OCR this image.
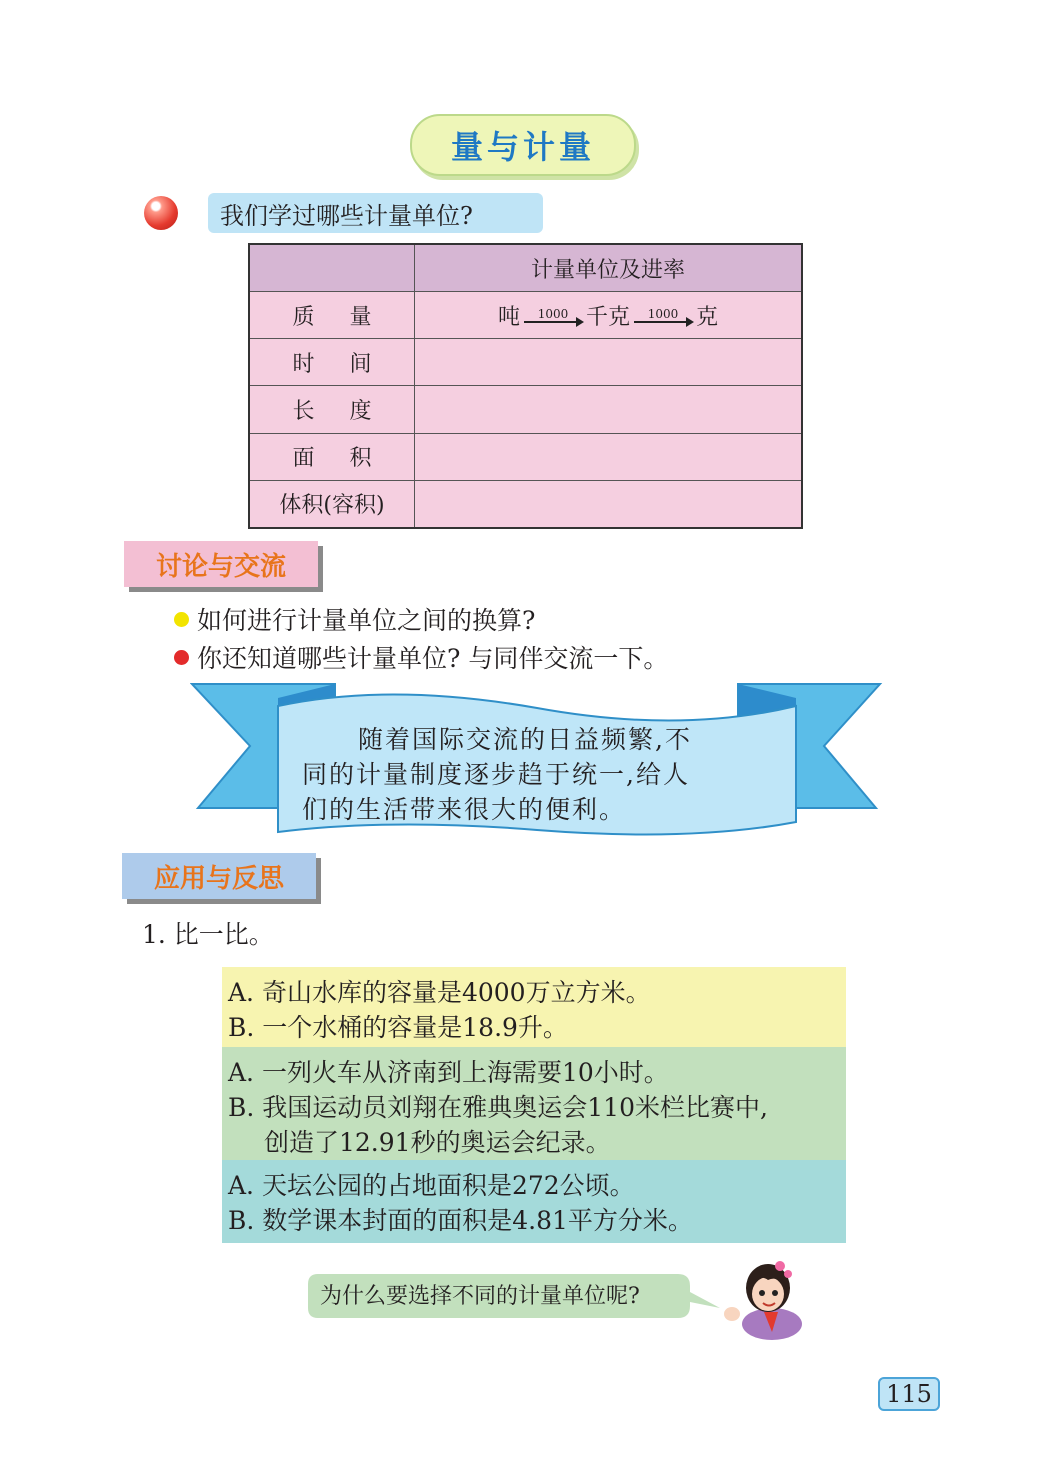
量与计量
我们学过哪些计量单位?
	计量单位及进率
质 量	吨 1000 千克 1000 克

时 间	
长 度	
面 积	
体积(容积)	
讨论与交流
如何进行计量单位之间的换算?
你还知道哪些计量单位? 与同伴交流一下。

随着国际交流的日益频繁,不

同的计量制度逐步趋于统一,给人

们的生活带来很大的便利。

应用与反思
1. 比一比。

A. 奇山水库的容量是4000万立方米。

B. 一个水桶的容量是18.9升。

A. 一列火车从济南到上海需要10小时。

B. 我国运动员刘翔在雅典奥运会110米栏比赛中,

创造了12.91秒的奥运会纪录。

A. 天坛公园的占地面积是272公顷。

B. 数学课本封面的面积是4.81平方分米。

为什么要选择不同的计量单位呢?
115
